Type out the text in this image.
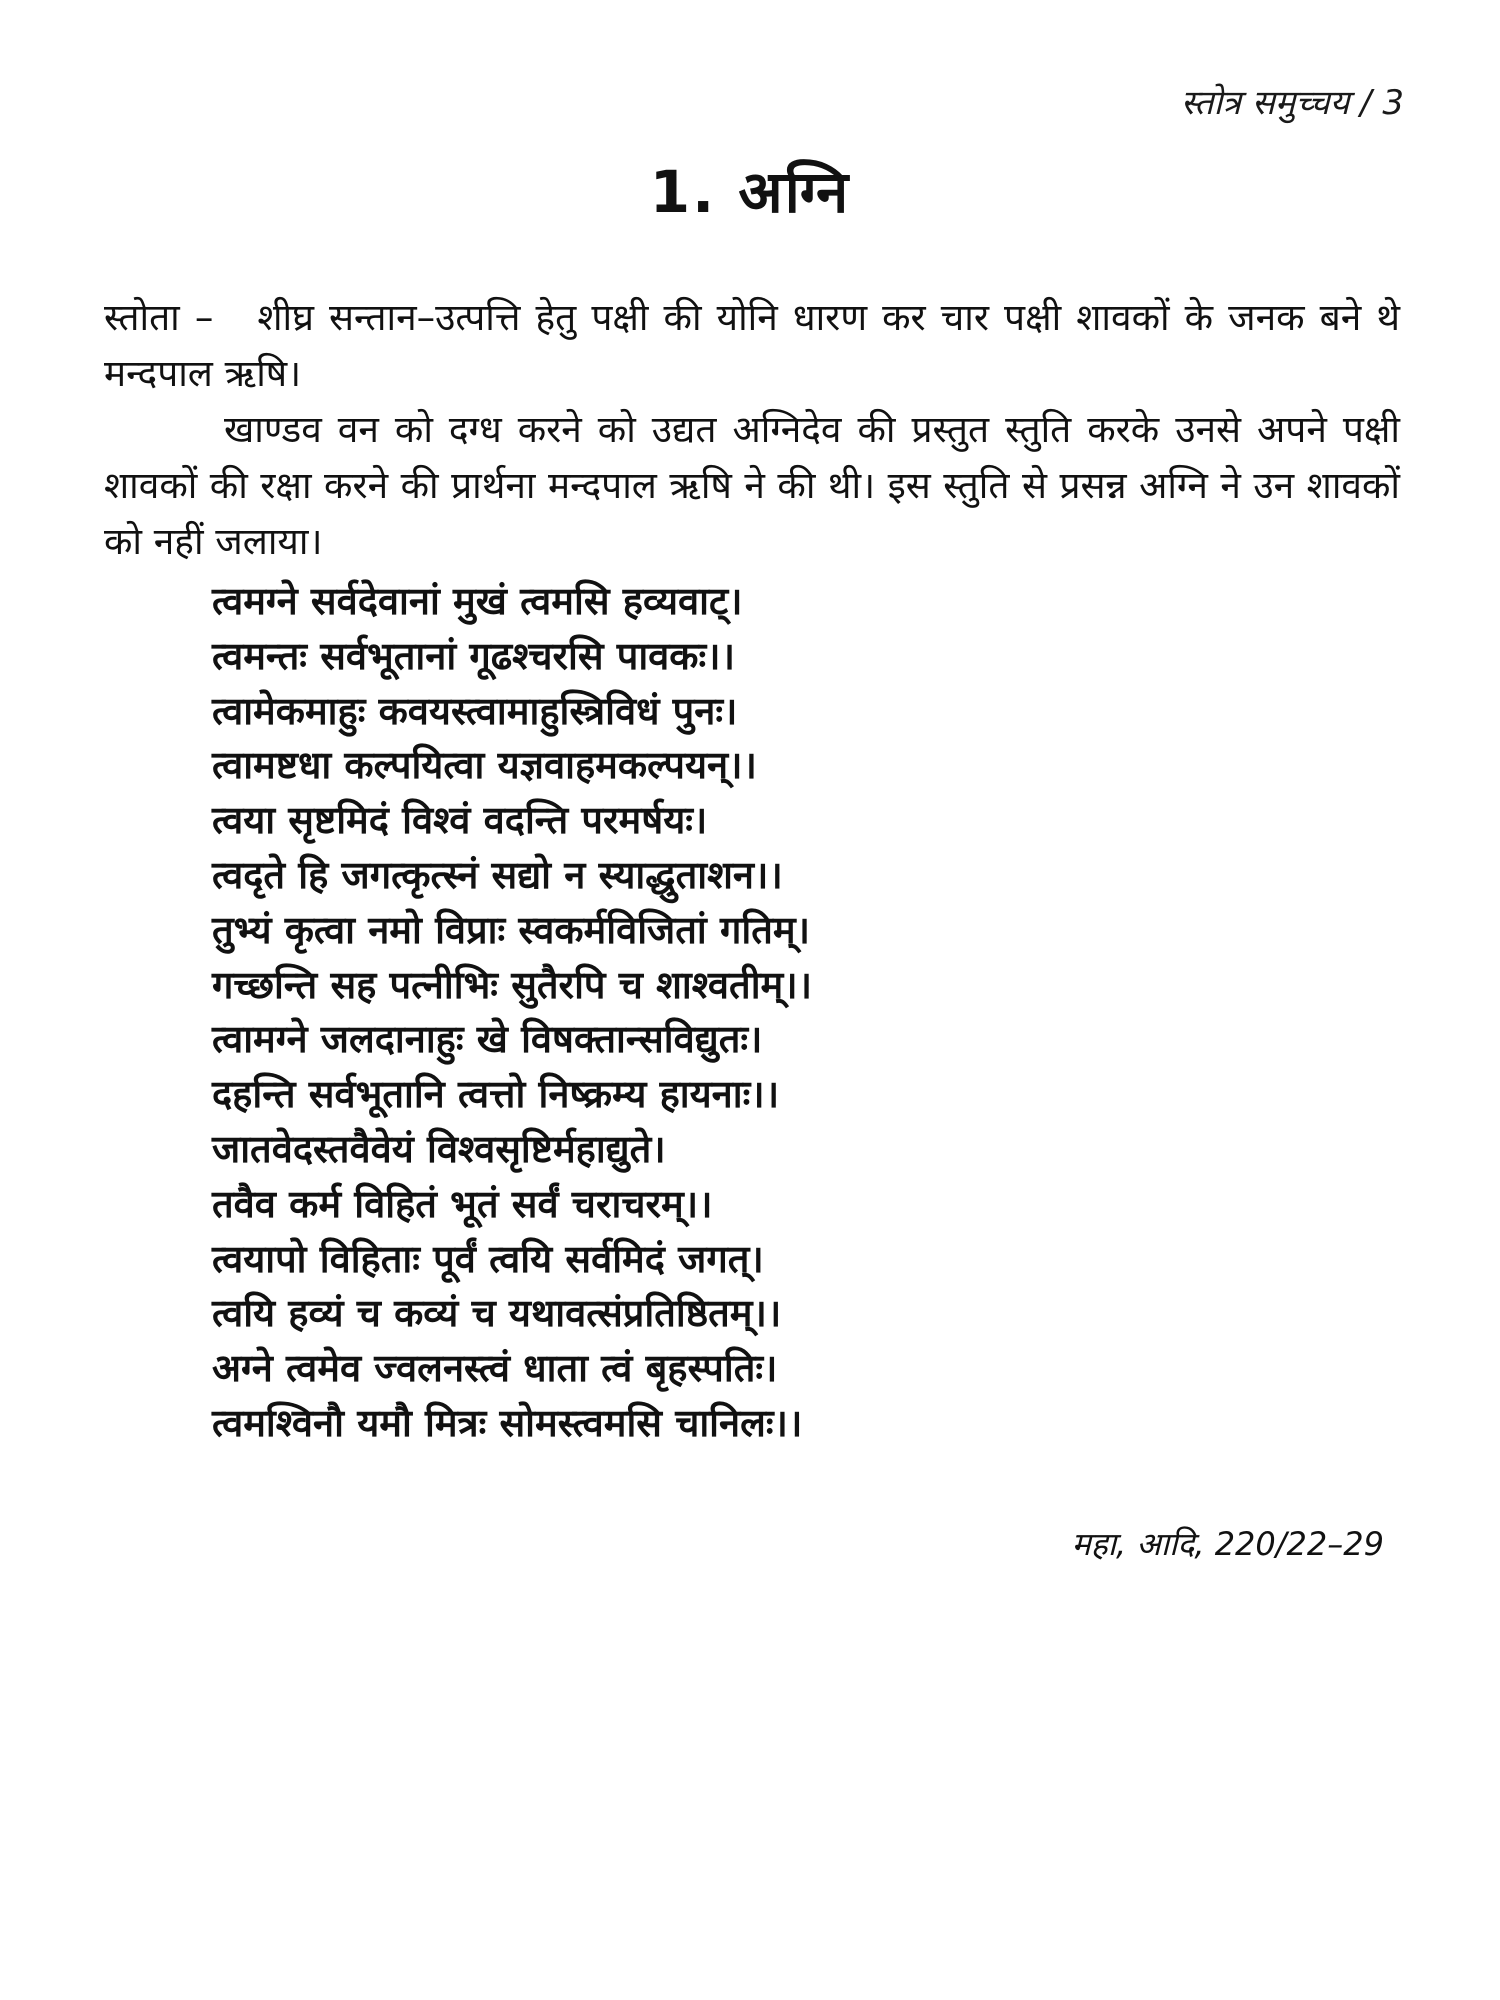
स्तोत्र समुच्चय / 3
1. अग्नि

स्तोता – शीघ्र सन्तान–उत्पत्ति हेतु पक्षी की योनि धारण कर चार पक्षी शावकों के जनक बने थे मन्दपाल ऋषि।

खाण्डव वन को दग्ध करने को उद्यत अग्निदेव की प्रस्तुत स्तुति करके उनसे अपने पक्षी शावकों की रक्षा करने की प्रार्थना मन्दपाल ऋषि ने की थी। इस स्तुति से प्रसन्न अग्नि ने उन शावकों को नहीं जलाया।

त्वमग्ने सर्वदेवानां मुखं त्वमसि हव्यवाट्।
त्वमन्तः सर्वभूतानां गूढश्चरसि पावकः।।
त्वामेकमाहुः कवयस्त्वामाहुस्त्रिविधं पुनः।
त्वामष्टधा कल्पयित्वा यज्ञवाहमकल्पयन्।।
त्वया सृष्टमिदं विश्वं वदन्ति परमर्षयः।
त्वदृते हि जगत्कृत्स्नं सद्यो न स्याद्धुताशन।।
तुभ्यं कृत्वा नमो विप्राः स्वकर्मविजितां गतिम्।
गच्छन्ति सह पत्नीभिः सुतैरपि च शाश्वतीम्।।
त्वामग्ने जलदानाहुः खे विषक्तान्सविद्युतः।
दहन्ति सर्वभूतानि त्वत्तो निष्क्रम्य हायनाः।।
जातवेदस्तवैवेयं विश्वसृष्टिर्महाद्युते।
तवैव कर्म विहितं भूतं सर्वं चराचरम्।।
त्वयापो विहिताः पूर्वं त्वयि सर्वमिदं जगत्।
त्वयि हव्यं च कव्यं च यथावत्संप्रतिष्ठितम्।।
अग्ने त्वमेव ज्वलनस्त्वं धाता त्वं बृहस्पतिः।
त्वमश्विनौ यमौ मित्रः सोमस्त्वमसि चानिलः।।
महा, आदि, 220/22–29
